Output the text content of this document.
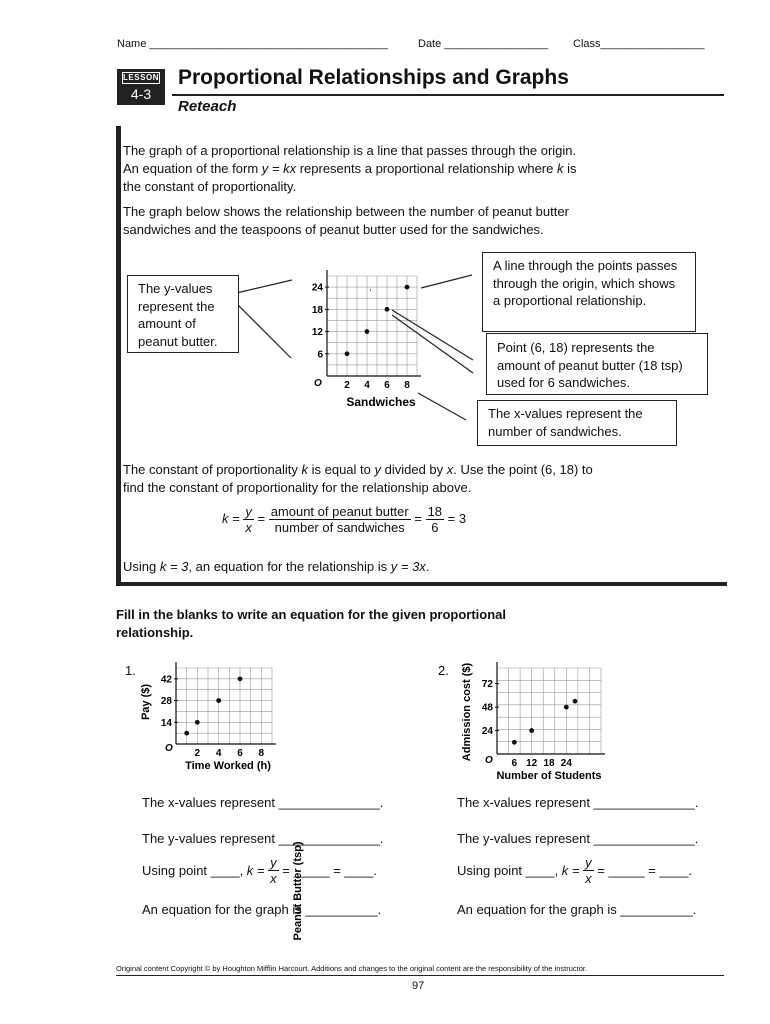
Name _______________________________________	Date _________________ Class_________________
LESSON
4-3
Proportional Relationships and Graphs
Reteach
The graph of a proportional relationship is a line that passes through the origin. An equation of the form y = kx represents a proportional relationship where k is the constant of proportionality.
The graph below shows the relationship between the number of peanut butter sandwiches and the teaspoons of peanut butter used for the sandwiches.
2 4 6 8
6
12
18
24
Peanut Butter (tsp)
Sandwiches
O
The y-values represent the amount of peanut butter.
A line through the points passes through the origin, which shows a proportional relationship.
Point (6, 18) represents the amount of peanut butter (18 tsp) used for 6 sandwiches.
The x-values represent the number of sandwiches.
The constant of proportionality k is equal to y divided by x. Use the point (6, 18) to find the constant of proportionality for the relationship above.
$k = \frac{y}{x} = \frac{\text{amount of peanut butter}}{\text{number of sandwiches}} = \frac{18}{6} = 3$
Using k = 3, an equation for the relationship is y = 3x.
Fill in the blanks to write an equation for the given proportional relationship.
1.
2 4 6 8
14
28
42
Pay ($)
Time Worked (h)
O
The x-values represent ______________.
The y-values represent ______________.
Using point ____, $k = \frac{y}{x}$ = _____ = ____.
An equation for the graph is __________.
2.
6 12 18 24
24
48
72
Admission cost ($)
Number of Students
O
The x-values represent ______________.
The y-values represent ______________.
Using point ____, $k = \frac{y}{x}$ = _____ = ____.
An equation for the graph is __________.
Original content Copyright © by Houghton Mifflin Harcourt. Additions and changes to the original content are the responsibility of the instructor.
97
